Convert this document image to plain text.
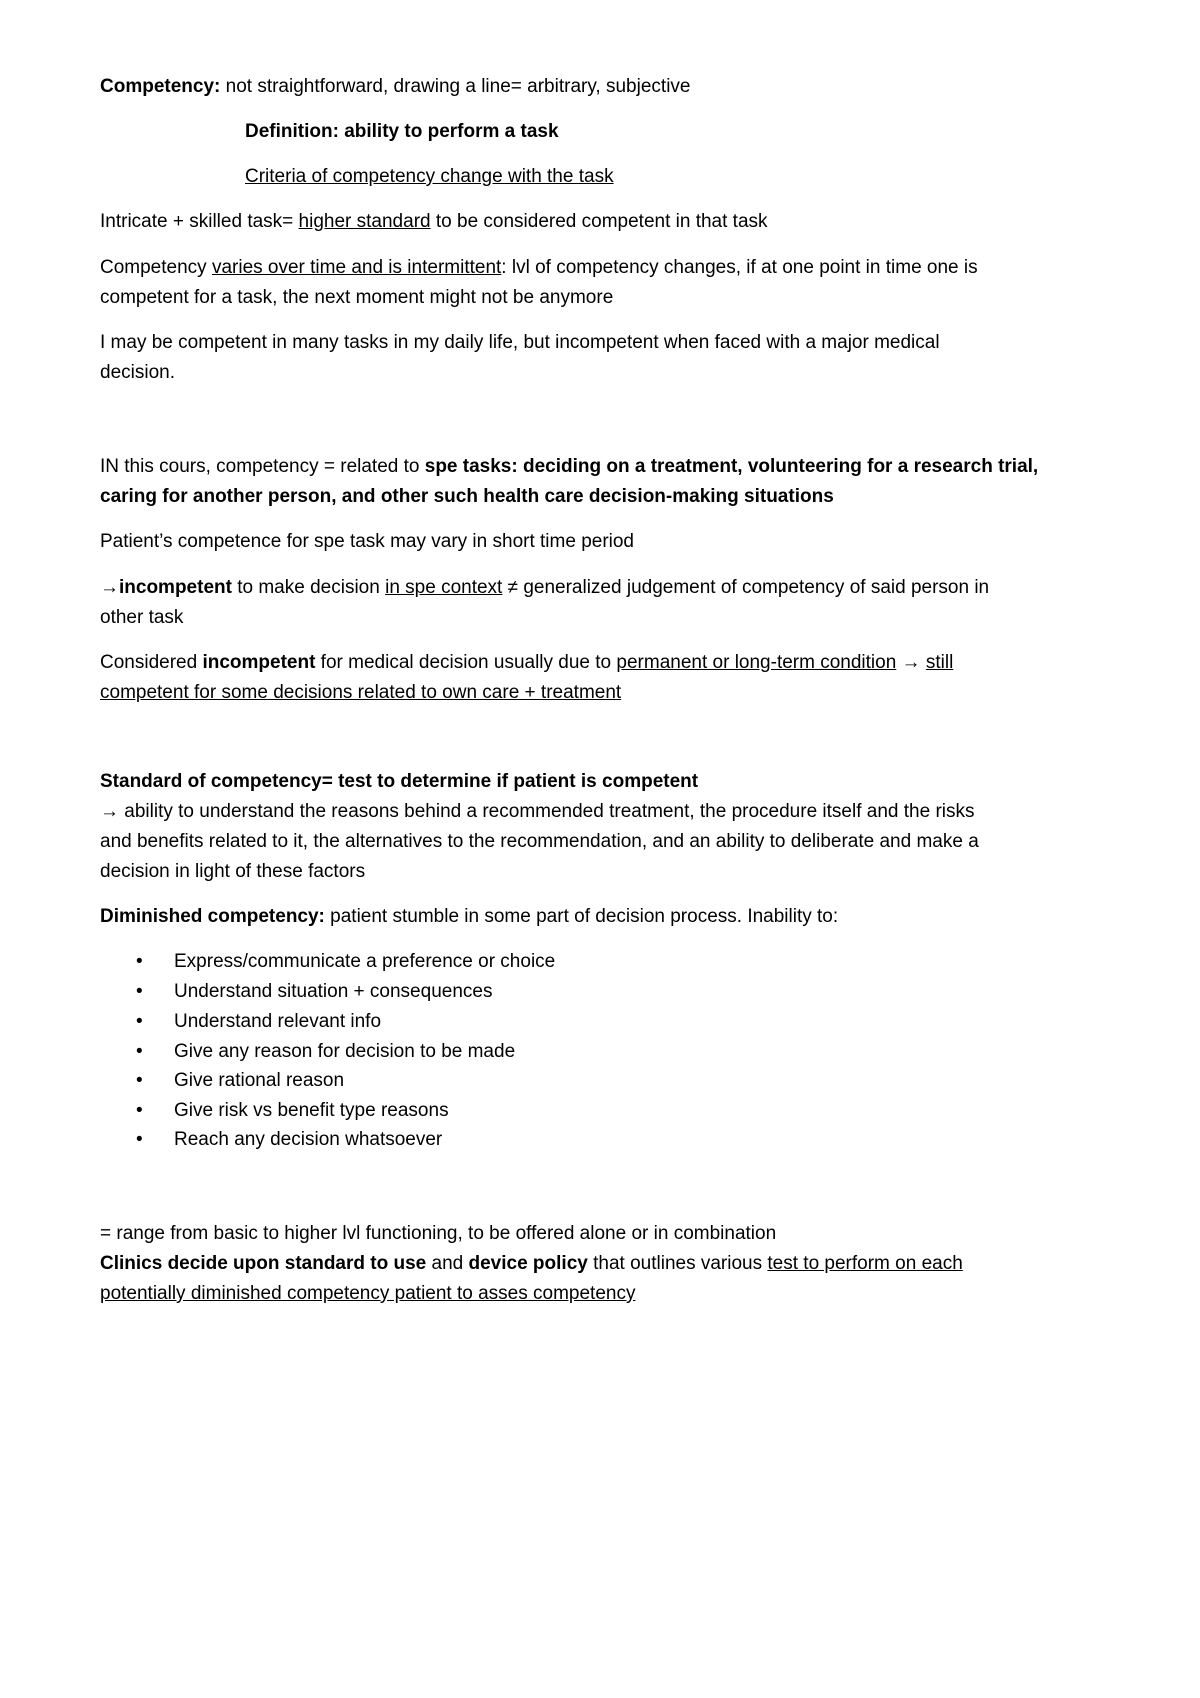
Competency: not straightforward, drawing a line= arbitrary, subjective

Definition: ability to perform a task

Criteria of competency change with the task

Intricate + skilled task= higher standard to be considered competent in that task

Competency varies over time and is intermittent: lvl of competency changes, if at one point in time one is

competent for a task, the next moment might not be anymore

I may be competent in many tasks in my daily life, but incompetent when faced with a major medical

decision.

IN this cours, competency = related to spe tasks: deciding on a treatment, volunteering for a research trial,

caring for another person, and other such health care decision-making situations

Patient’s competence for spe task may vary in short time period

→incompetent to make decision in spe context ≠ generalized judgement of competency of said person in

other task

Considered incompetent for medical decision usually due to permanent or long-term condition → still

competent for some decisions related to own care + treatment

Standard of competency= test to determine if patient is competent

→ ability to understand the reasons behind a recommended treatment, the procedure itself and the risks

and benefits related to it, the alternatives to the recommendation, and an ability to deliberate and make a

decision in light of these factors

Diminished competency: patient stumble in some part of decision process. Inability to:

• Express/communicate a preference or choice

• Understand situation + consequences

• Understand relevant info

• Give any reason for decision to be made

• Give rational reason

• Give risk vs benefit type reasons

• Reach any decision whatsoever

= range from basic to higher lvl functioning, to be offered alone or in combination

Clinics decide upon standard to use and device policy that outlines various test to perform on each

potentially diminished competency patient to asses competency
